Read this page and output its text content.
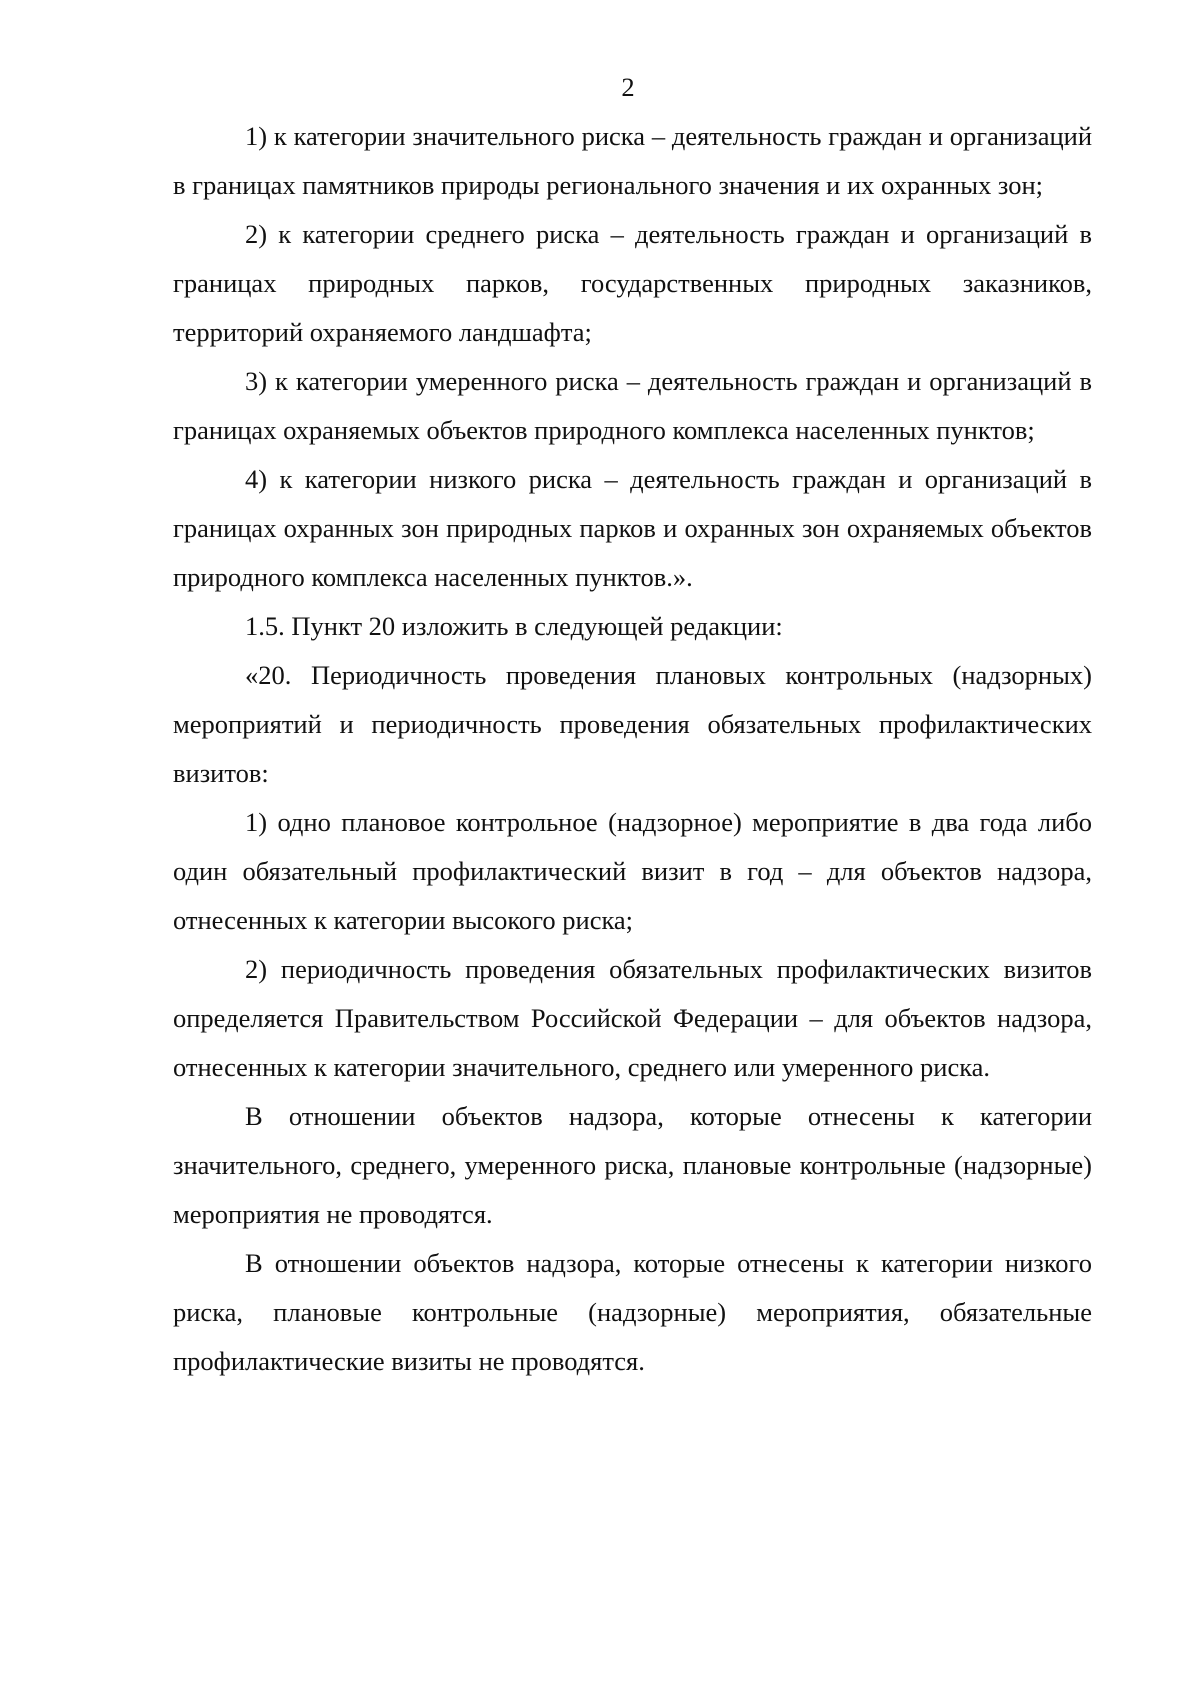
2

1) к категории значительного риска – деятельность граждан и организаций в границах памятников природы регионального значения и их охранных зон;

2) к категории среднего риска – деятельность граждан и организаций в границах природных парков, государственных природных заказников, территорий охраняемого ландшафта;

3) к категории умеренного риска – деятельность граждан и организаций в границах охраняемых объектов природного комплекса населенных пунктов;

4) к категории низкого риска – деятельность граждан и организаций в границах охранных зон природных парков и охранных зон охраняемых объектов природного комплекса населенных пунктов.».

1.5. Пункт 20 изложить в следующей редакции:

«20. Периодичность проведения плановых контрольных (надзорных) мероприятий и периодичность проведения обязательных профилактических визитов:

1) одно плановое контрольное (надзорное) мероприятие в два года либо один обязательный профилактический визит в год – для объектов надзора, отнесенных к категории высокого риска;

2) периодичность проведения обязательных профилактических визитов определяется Правительством Российской Федерации – для объектов надзора, отнесенных к категории значительного, среднего или умеренного риска.

В отношении объектов надзора, которые отнесены к категории значительного, среднего, умеренного риска, плановые контрольные (надзорные) мероприятия не проводятся.

В отношении объектов надзора, которые отнесены к категории низкого риска, плановые контрольные (надзорные) мероприятия, обязательные профилактические визиты не проводятся.
